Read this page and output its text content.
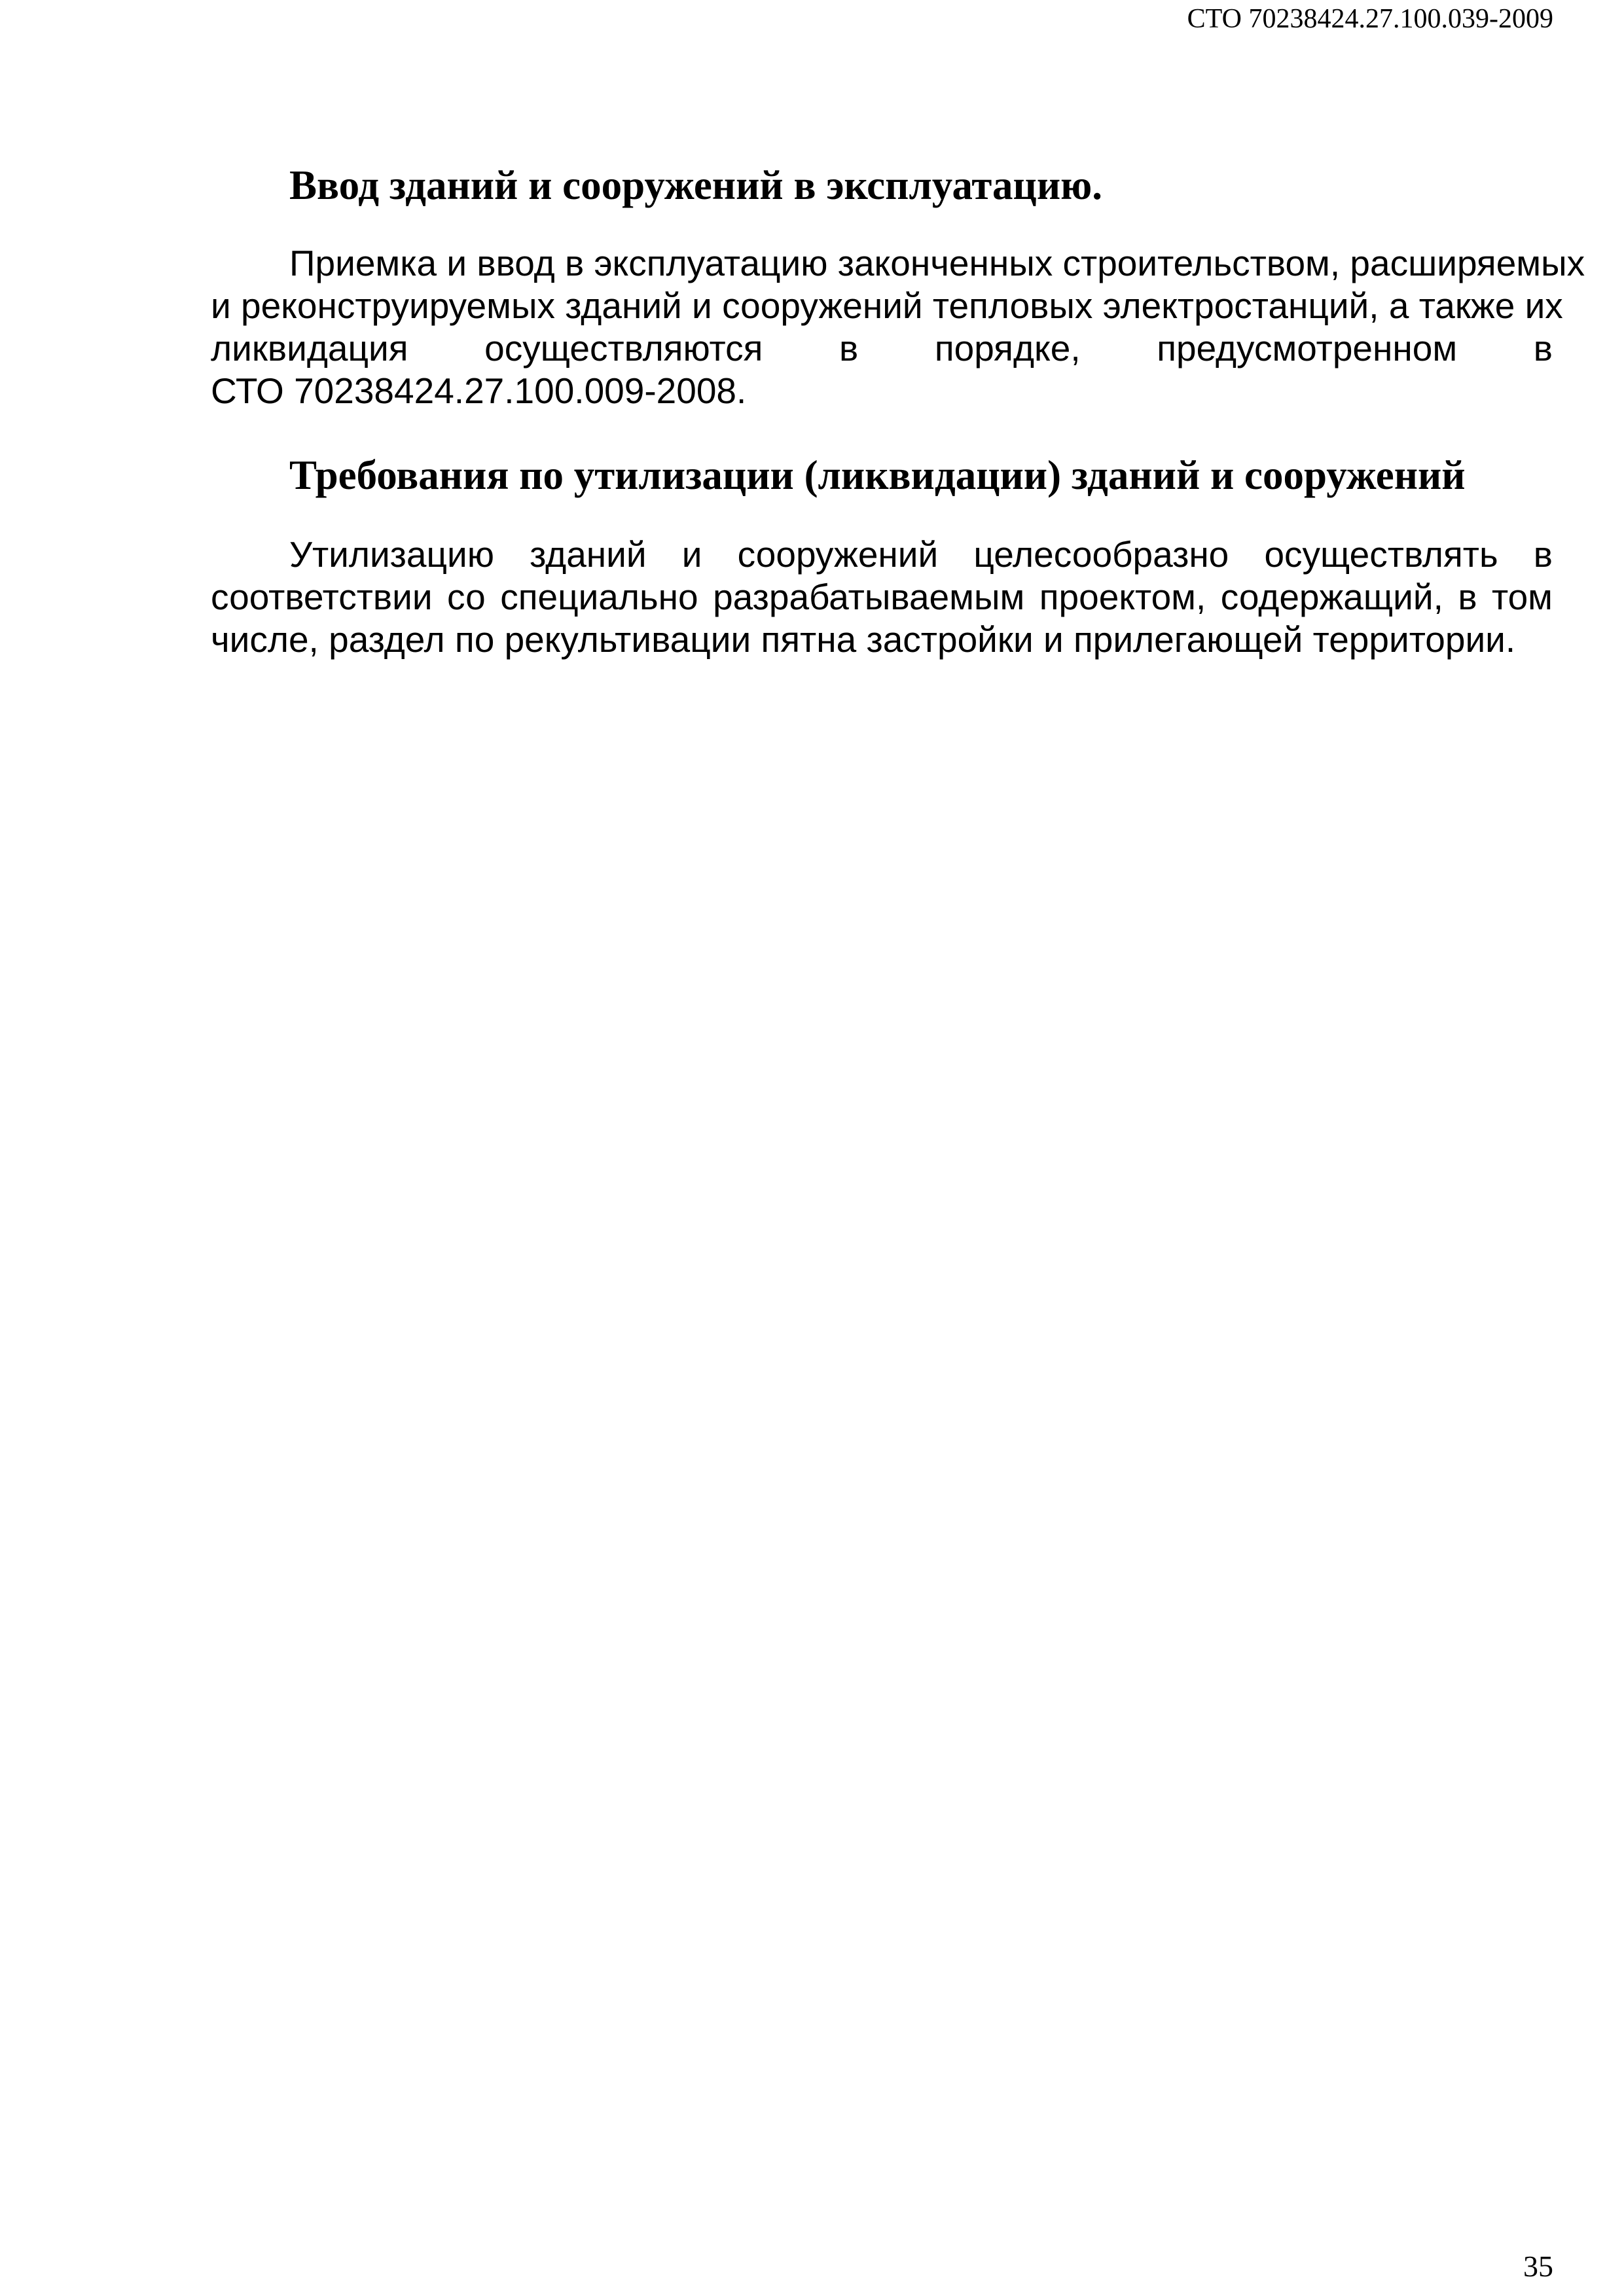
СТО 70238424.27.100.039-2009
Ввод зданий и сооружений в эксплуатацию.

Приемка и ввод в эксплуатацию законченных строительством, расширяемых
и реконструируемых зданий и сооружений тепловых электростанций, а также их
ликвидация осуществляются в порядке, предусмотренном в
СТО 70238424.27.100.009-2008.

Требования по утилизации (ликвидации) зданий и сооружений

Утилизацию зданий и сооружений целесообразно осуществлять в
соответствии со специально разрабатываемым проектом, содержащий, в том
числе, раздел по рекультивации пятна застройки и прилегающей территории.

35
